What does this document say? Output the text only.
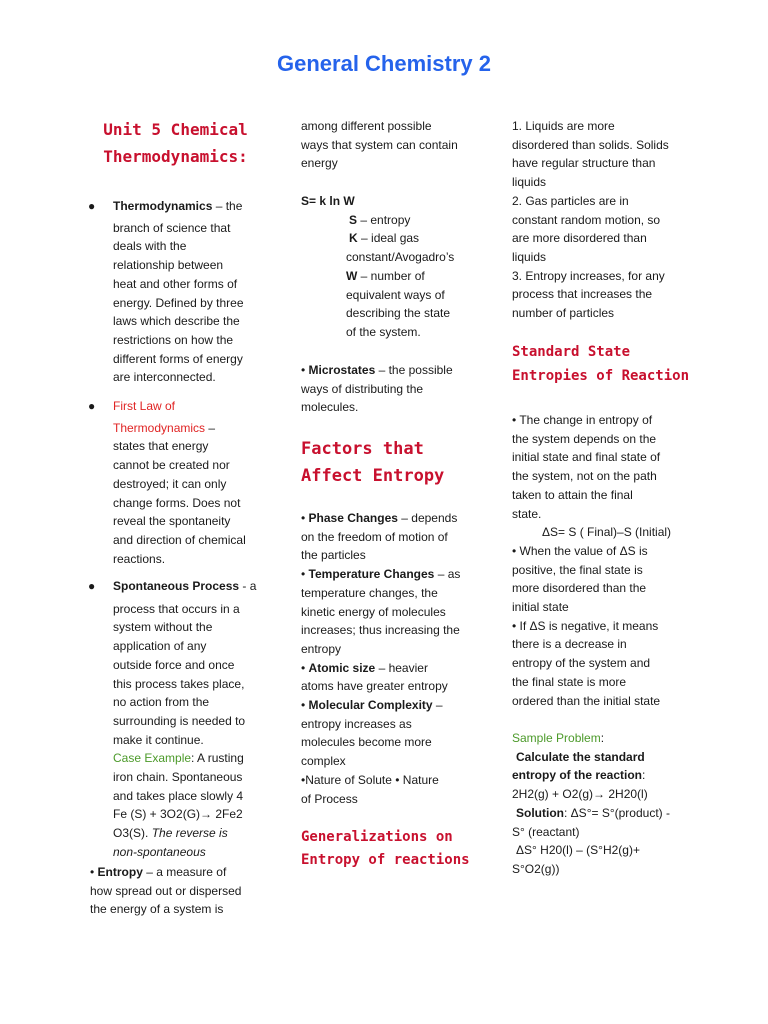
General Chemistry 2
Unit 5 Chemical
Thermodynamics:
● Thermodynamics – the

branch of science that

deals with the

relationship between

heat and other forms of

energy. Defined by three

laws which describe the

restrictions on how the

different forms of energy

are interconnected.

● First Law of

Thermodynamics –

states that energy

cannot be created nor

destroyed; it can only

change forms. Does not

reveal the spontaneity

and direction of chemical

reactions.

● Spontaneous Process - a

process that occurs in a

system without the

application of any

outside force and once

this process takes place,

no action from the

surrounding is needed to

make it continue.

Case Example: A rusting

iron chain. Spontaneous

and takes place slowly 4

Fe (S) + 3O2(G)→ 2Fe2

O3(S). The reverse is

non-spontaneous

• Entropy – a measure of

how spread out or dispersed

the energy of a system is

among different possible

ways that system can contain

energy

S= k ln W

S – entropy

K – ideal gas

constant/Avogadro’s

W – number of

equivalent ways of

describing the state

of the system.

• Microstates – the possible

ways of distributing the

molecules.

Factors that
Affect Entropy

• Phase Changes – depends

on the freedom of motion of

the particles

• Temperature Changes – as

temperature changes, the

kinetic energy of molecules

increases; thus increasing the

entropy

• Atomic size – heavier

atoms have greater entropy

• Molecular Complexity –

entropy increases as

molecules become more

complex

•Nature of Solute • Nature

of Process

Generalizations on
Entropy of reactions

1. Liquids are more

disordered than solids. Solids

have regular structure than

liquids

2. Gas particles are in

constant random motion, so

are more disordered than

liquids

3. Entropy increases, for any

process that increases the

number of particles

Standard State
Entropies of Reaction

• The change in entropy of

the system depends on the

initial state and final state of

the system, not on the path

taken to attain the final

state.

ΔS= S ( Final)–S (Initial)

• When the value of ΔS is

positive, the final state is

more disordered than the

initial state

• If ΔS is negative, it means

there is a decrease in

entropy of the system and

the final state is more

ordered than the initial state

Sample Problem:

Calculate the standard

entropy of the reaction:

2H2(g) + O2(g)→ 2H20(l)

Solution: ΔS°= S°(product) -

S° (reactant)

ΔS° H20(l) – (S°H2(g)+

S°O2(g))
